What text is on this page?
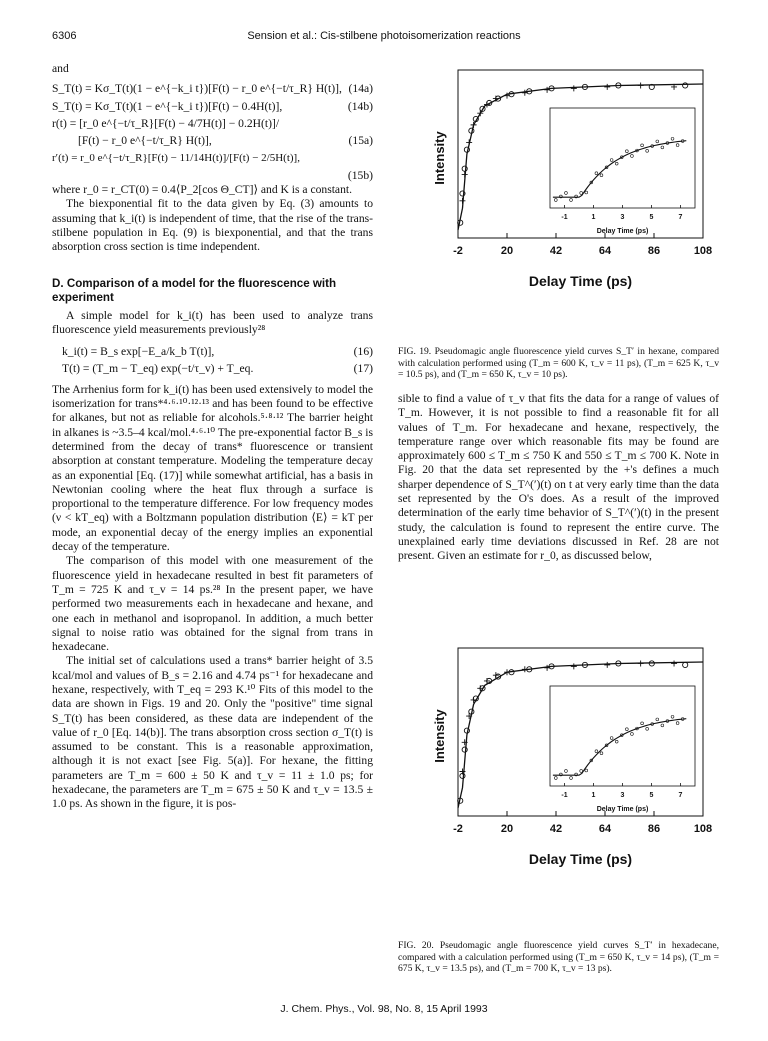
6306	Sension et al.: Cis-stilbene photoisomerization reactions

and

S_T(t) = Kσ_T(t)(1 − e^{−k_i t})[F(t) − r_0 e^{−t/τ_R} H(t)], (14a)
S_T(t) = Kσ_T(t)(1 − e^{−k_i t})[F(t) − 0.4H(t)],	(14b)
r(t) = [r_0 e^{−t/τ_R}[F(t) − 4/7H(t)] − 0.2H(t)]/
[F(t) − r_0 e^{−t/τ_R} H(t)],	(15a)
r′(t) = r_0 e^{−t/τ_R}[F(t) − 11/14H(t)]/[F(t) − 2/5H(t)],
(15b)

where r_0 = r_CT(0) = 0.4⟨P_2[cos Θ_CT]⟩ and K is a constant.

The biexponential fit to the data given by Eq. (3) amounts to assuming that k_i(t) is independent of time, that the rise of the trans-stilbene population in Eq. (9) is biexponential, and that the trans absorption cross section is time independent.

D. Comparison of a model for the fluorescence with experiment

A simple model for k_i(t) has been used to analyze trans fluorescence yield measurements previously²⁸

k_i(t) = B_s exp[−E_a/k_b T(t)],	(16)
T(t) = (T_m − T_eq) exp(−t/τ_v) + T_eq.	(17)

The Arrhenius form for k_i(t) has been used extensively to model the isomerization for trans*⁴·⁶·¹⁰·¹²·¹³ and has been found to be effective for alkanes, but not as reliable for alcohols.⁵·⁸·¹² The barrier height in alkanes is ~3.5–4 kcal/mol.⁴·⁶·¹⁰ The pre-exponential factor B_s is determined from the decay of trans* fluorescence or transient absorption at constant temperature. Modeling the temperature decay as an exponential [Eq. (17)] while somewhat artificial, has a basis in Newtonian cooling where the heat flux through a surface is proportional to the temperature difference. For low frequency modes (ν < kT_eq) with a Boltzmann population distribution ⟨E⟩ = kT per mode, an exponential decay of the energy implies an exponential decay of the temperature.

The comparison of this model with one measurement of the fluorescence yield in hexadecane resulted in best fit parameters of T_m = 725 K and τ_v = 14 ps.²⁸ In the present paper, we have performed two measurements each in hexadecane and hexane, and one each in methanol and isopropanol. In addition, a much better signal to noise ratio was obtained for the signal from trans in hexadecane.

The initial set of calculations used a trans* barrier height of 3.5 kcal/mol and values of B_s = 2.16 and 4.74 ps⁻¹ for hexadecane and hexane, respectively, with T_eq = 293 K.¹⁰ Fits of this model to the data are shown in Figs. 19 and 20. Only the "positive" time signal S_T(t) has been considered, as these data are independent of the value of r_0 [Eq. 14(b)]. The trans absorption cross section σ_T(t) is assumed to be constant. This is a reasonable approximation, although it is not exact [see Fig. 5(a)]. For hexane, the fitting parameters are T_m = 600 ± 50 K and τ_v = 11 ± 1.0 ps; for hexadecane, the parameters are T_m = 675 ± 50 K and τ_v = 13.5 ± 1.0 ps. As shown in the figure, it is pos-

-2	20	42	64	86	108
Delay Time (ps)
Intensity
-1	1	3	5	7
Delay Time (ps)
FIG. 19. Pseudomagic angle fluorescence yield curves S_T′ in hexane, compared with calculation performed using (T_m = 600 K, τ_v = 11 ps), (T_m = 625 K, τ_v = 10.5 ps), and (T_m = 650 K, τ_v = 10 ps).

sible to find a value of τ_v that fits the data for a range of values of T_m. However, it is not possible to find a reasonable fit for all values of T_m. For hexadecane and hexane, respectively, the temperature range over which reasonable fits may be found are approximately 600 ≤ T_m ≤ 750 K and 550 ≤ T_m ≤ 700 K. Note in Fig. 20 that the data set represented by the +'s defines a much sharper dependence of S_T^(′)(t) on t at very early time than the data set represented by the O's does. As a result of the improved determination of the early time behavior of S_T^(′)(t) in the present study, the calculation is found to represent the entire curve. The unexplained early time deviations discussed in Ref. 28 are not present. Given an estimate for r_0, as discussed below,

-2	20	42	64	86	108
Delay Time (ps)
Intensity
-1	1	3	5	7
Delay Time (ps)
FIG. 20. Pseudomagic angle fluorescence yield curves S_T′ in hexadecane, compared with a calculation performed using (T_m = 650 K, τ_v = 14 ps), (T_m = 675 K, τ_v = 13.5 ps), and (T_m = 700 K, τ_v = 13 ps).
J. Chem. Phys., Vol. 98, No. 8, 15 April 1993
